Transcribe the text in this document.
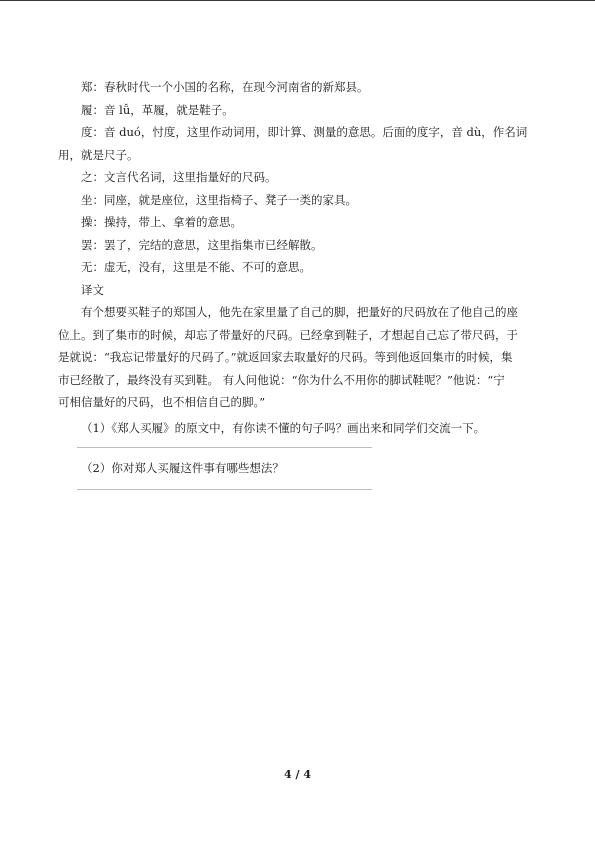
郑：春秋时代一个小国的名称，在现今河南省的新郑县。
履：音 lǚ，革履，就是鞋子。
度：音 duó，忖度，这里作动词用，即计算、测量的意思。后面的度字，音 dù，作名词
用，就是尺子。
之：文言代名词，这里指量好的尺码。
坐：同座，就是座位，这里指椅子、凳子一类的家具。
操：操持，带上、拿着的意思。
罢：罢了，完结的意思，这里指集市已经解散。
无：虚无，没有，这里是不能、不可的意思。
译文
有个想要买鞋子的郑国人，他先在家里量了自己的脚，把量好的尺码放在了他自己的座
位上。到了集市的时候，却忘了带量好的尺码。已经拿到鞋子，才想起自己忘了带尺码，于
是就说：“我忘记带量好的尺码了。”就返回家去取量好的尺码。等到他返回集市的时候，集
市已经散了，最终没有买到鞋。 有人问他说：“你为什么不用你的脚试鞋呢？”他说：“宁
可相信量好的尺码，也不相信自己的脚。”
（1）《郑人买履》的原文中，有你读不懂的句子吗？画出来和同学们交流一下。
（2）你对郑人买履这件事有哪些想法？
4 / 4
